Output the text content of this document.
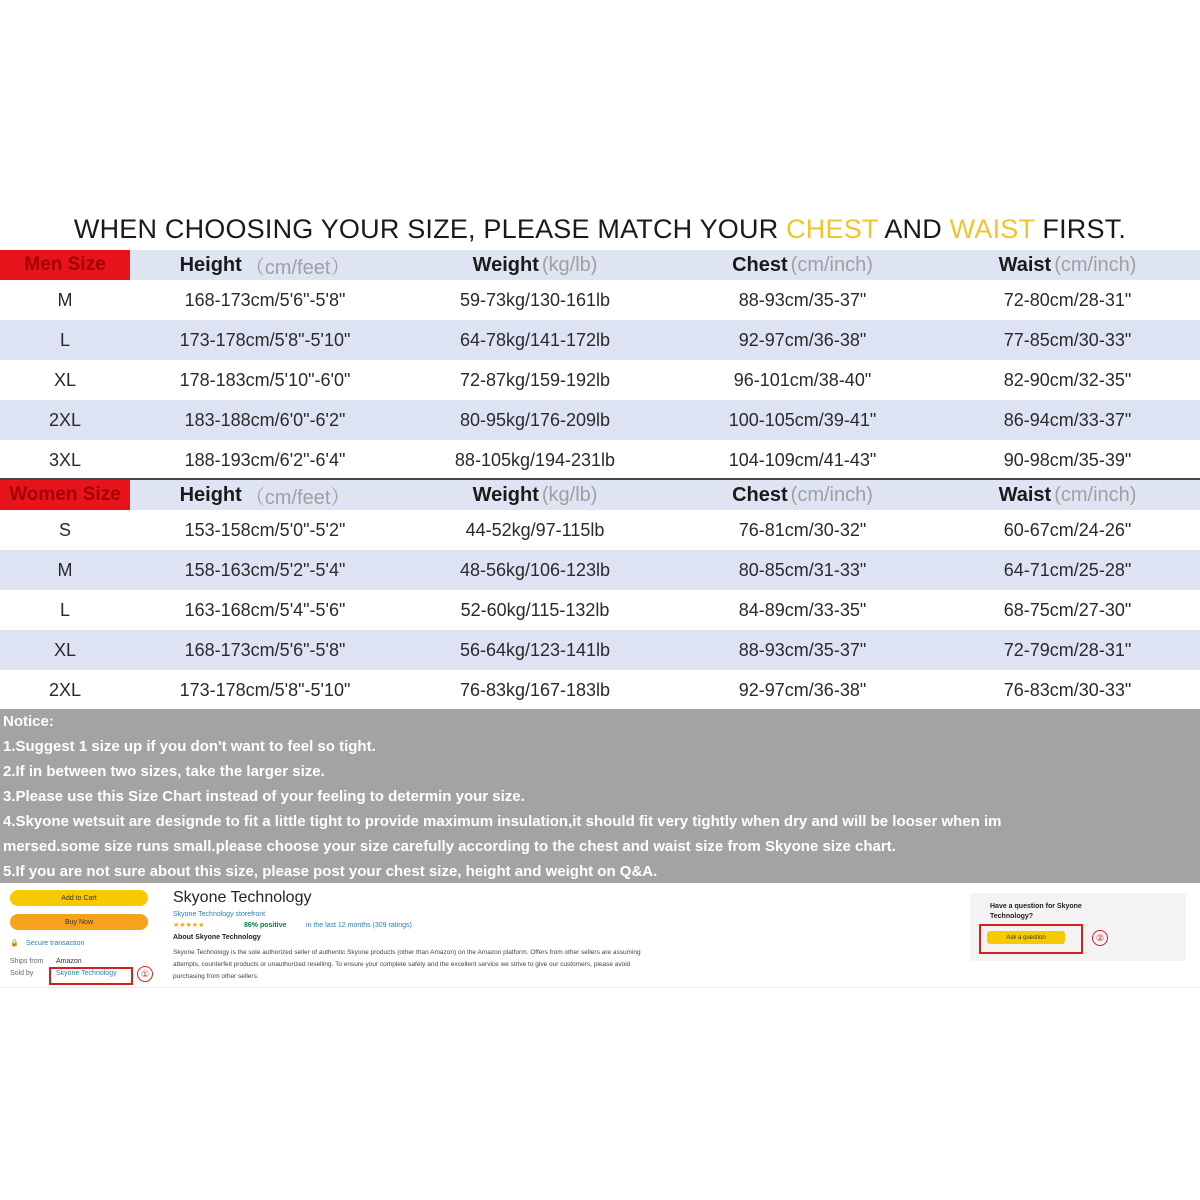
WHEN CHOOSING YOUR SIZE, PLEASE MATCH YOUR CHEST AND WAIST FIRST.
Men Size	Height （cm/feet）	Weight (kg/lb)	Chest (cm/inch)	Waist (cm/inch)
M	168-173cm/5'6"-5'8"	59-73kg/130-161lb	88-93cm/35-37"	72-80cm/28-31"
L	173-178cm/5'8"-5'10"	64-78kg/141-172lb	92-97cm/36-38"	77-85cm/30-33"
XL	178-183cm/5'10"-6'0"	72-87kg/159-192lb	96-101cm/38-40"	82-90cm/32-35"
2XL	183-188cm/6'0"-6'2"	80-95kg/176-209lb	100-105cm/39-41"	86-94cm/33-37"
3XL	188-193cm/6'2"-6'4"	88-105kg/194-231lb	104-109cm/41-43"	90-98cm/35-39"
Women Size	Height （cm/feet）	Weight (kg/lb)	Chest (cm/inch)	Waist (cm/inch)
S	153-158cm/5'0"-5'2"	44-52kg/97-115lb	76-81cm/30-32"	60-67cm/24-26"
M	158-163cm/5'2"-5'4"	48-56kg/106-123lb	80-85cm/31-33"	64-71cm/25-28"
L	163-168cm/5'4"-5'6"	52-60kg/115-132lb	84-89cm/33-35"	68-75cm/27-30"
XL	168-173cm/5'6"-5'8"	56-64kg/123-141lb	88-93cm/35-37"	72-79cm/28-31"
2XL	173-178cm/5'8"-5'10"	76-83kg/167-183lb	92-97cm/36-38"	76-83cm/30-33"
Notice:
1.Suggest 1 size up if you don't want to feel so tight.
2.If in between two sizes, take the larger size.
3.Please use this Size Chart instead of your feeling to determin your size.
4.Skyone wetsuit are designde to fit a little tight to provide maximum insulation,it should fit very tightly when dry and will be looser when im
mersed.some size runs small.please choose your size carefully according to the chest and waist size from Skyone size chart.
5.If you are not sure about this size, please post your chest size, height and weight on Q&A.
Add to Cart
Buy Now
🔒 Secure transaction
Ships from Amazon
Sold by	Skyone Technology	①
Skyone Technology
Skyone Technology storefront
★★★★★	86% positive	in the last 12 months (309 ratings)
About Skyone Technology
Skyone Technology is the sole authorized seller of authentic Skyone products (other than Amazon) on the Amazon platform. Offers from other sellers are assuming
attempts, counterfeit products or unauthorized reselling. To ensure your complete safety and the excellent service we strive to give our customers, please avoid
purchasing from other sellers.
Have a question for Skyone
Technology?
Ask a question	②
